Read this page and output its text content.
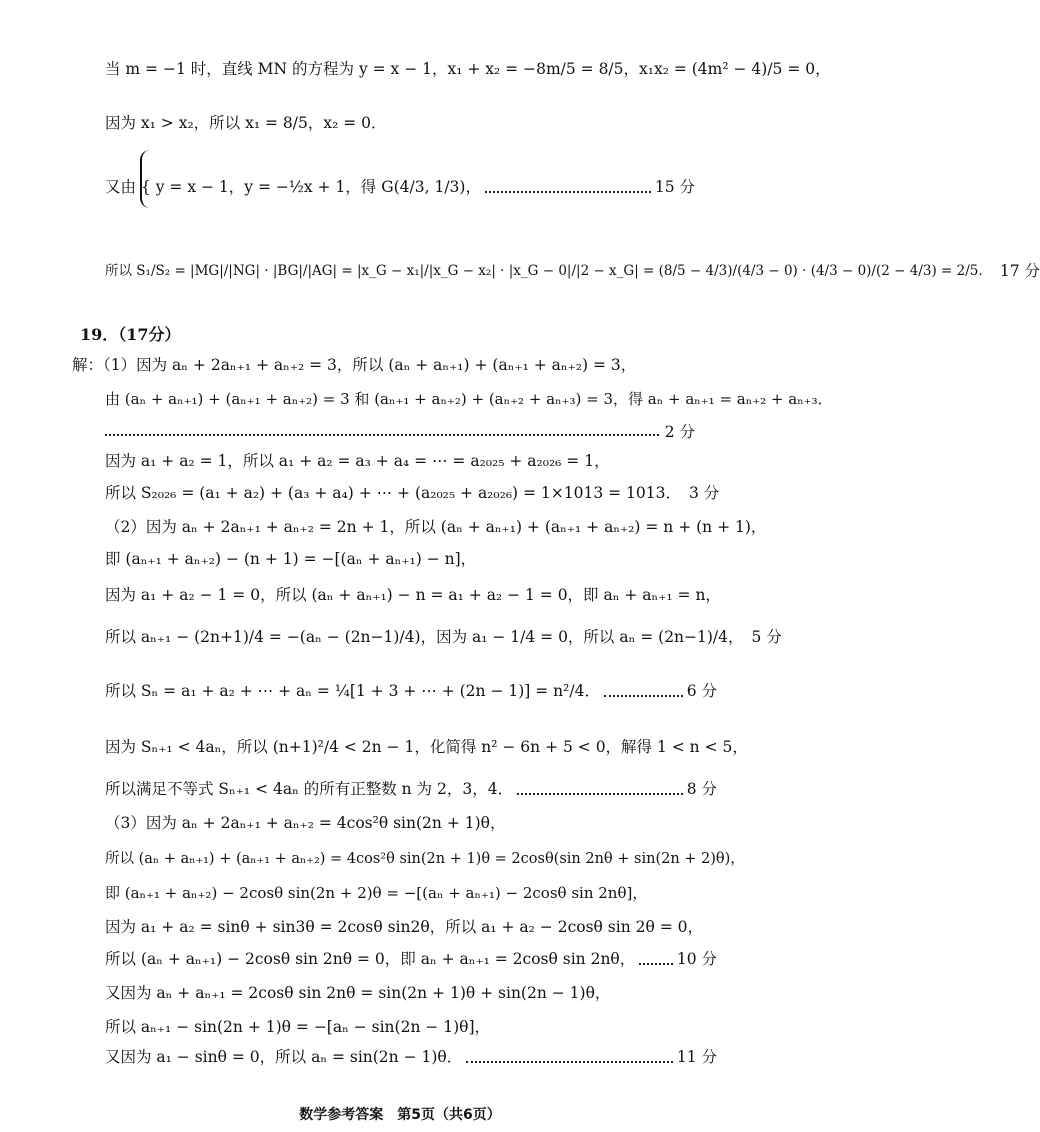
当 m = −1 时，直线 MN 的方程为 y = x − 1，x₁ + x₂ = −8m/5 = 8/5，x₁x₂ = (4m² − 4)/5 = 0，
因为 x₁ > x₂，所以 x₁ = 8/5，x₂ = 0．
又由 { y = x − 1，y = −½x + 1，得 G(4/3, 1/3)，	15 分
所以 S₁/S₂ = |MG|/|NG| · |BG|/|AG| = |x_G − x₁|/|x_G − x₂| · |x_G − 0|/|2 − x_G| = (8/5 − 4/3)/(4/3 − 0) · (4/3 − 0)/(2 − 4/3) = 2/5． 17 分
19．（17分）
解：（1）因为 aₙ + 2aₙ₊₁ + aₙ₊₂ = 3，所以 (aₙ + aₙ₊₁) + (aₙ₊₁ + aₙ₊₂) = 3，
由 (aₙ + aₙ₊₁) + (aₙ₊₁ + aₙ₊₂) = 3 和 (aₙ₊₁ + aₙ₊₂) + (aₙ₊₂ + aₙ₊₃) = 3，得 aₙ + aₙ₊₁ = aₙ₊₂ + aₙ₊₃．
2 分
因为 a₁ + a₂ = 1，所以 a₁ + a₂ = a₃ + a₄ = ⋯ = a₂₀₂₅ + a₂₀₂₆ = 1，
所以 S₂₀₂₆ = (a₁ + a₂) + (a₃ + a₄) + ⋯ + (a₂₀₂₅ + a₂₀₂₆) = 1×1013 = 1013． 3 分
（2）因为 aₙ + 2aₙ₊₁ + aₙ₊₂ = 2n + 1，所以 (aₙ + aₙ₊₁) + (aₙ₊₁ + aₙ₊₂) = n + (n + 1)，
即 (aₙ₊₁ + aₙ₊₂) − (n + 1) = −[(aₙ + aₙ₊₁) − n]，
因为 a₁ + a₂ − 1 = 0，所以 (aₙ + aₙ₊₁) − n = a₁ + a₂ − 1 = 0，即 aₙ + aₙ₊₁ = n，
所以 aₙ₊₁ − (2n+1)/4 = −(aₙ − (2n−1)/4)，因为 a₁ − 1/4 = 0，所以 aₙ = (2n−1)/4， 5 分
所以 Sₙ = a₁ + a₂ + ⋯ + aₙ = ¼[1 + 3 + ⋯ + (2n − 1)] = n²/4．	6 分
因为 Sₙ₊₁ < 4aₙ，所以 (n+1)²/4 < 2n − 1，化简得 n² − 6n + 5 < 0，解得 1 < n < 5，
所以满足不等式 Sₙ₊₁ < 4aₙ 的所有正整数 n 为 2，3，4．	8 分
（3）因为 aₙ + 2aₙ₊₁ + aₙ₊₂ = 4cos²θ sin(2n + 1)θ，
所以 (aₙ + aₙ₊₁) + (aₙ₊₁ + aₙ₊₂) = 4cos²θ sin(2n + 1)θ = 2cosθ(sin 2nθ + sin(2n + 2)θ)，
即 (aₙ₊₁ + aₙ₊₂) − 2cosθ sin(2n + 2)θ = −[(aₙ + aₙ₊₁) − 2cosθ sin 2nθ]，
因为 a₁ + a₂ = sinθ + sin3θ = 2cosθ sin2θ，所以 a₁ + a₂ − 2cosθ sin 2θ = 0，
所以 (aₙ + aₙ₊₁) − 2cosθ sin 2nθ = 0，即 aₙ + aₙ₊₁ = 2cosθ sin 2nθ，	10 分
又因为 aₙ + aₙ₊₁ = 2cosθ sin 2nθ = sin(2n + 1)θ + sin(2n − 1)θ，
所以 aₙ₊₁ − sin(2n + 1)θ = −[aₙ − sin(2n − 1)θ]，
又因为 a₁ − sinθ = 0，所以 aₙ = sin(2n − 1)θ．	11 分
数学参考答案　第5页（共6页）
